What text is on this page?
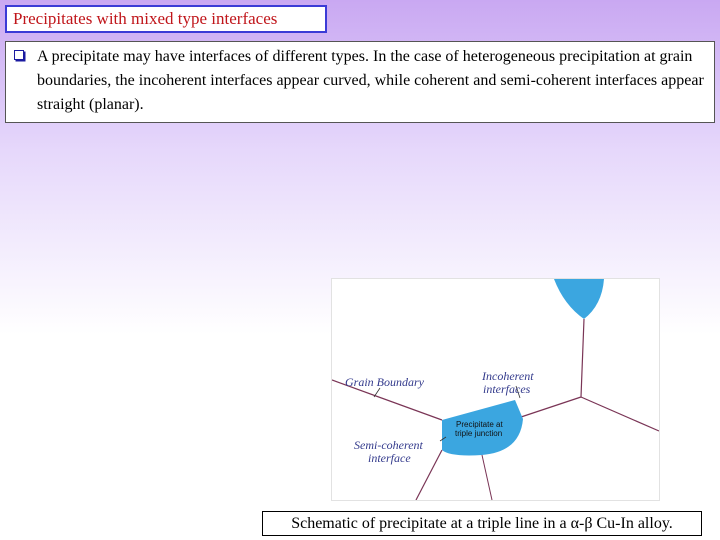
Precipitates with mixed type interfaces
A precipitate may have interfaces of different types. In the case of heterogeneous precipitation at grain boundaries, the incoherent interfaces appear curved, while coherent and semi-coherent interfaces appear straight (planar).
Grain Boundary	Incoherent
interfaces
Semi-coherent
interface
Precipitate at
triple junction
Schematic of precipitate at a triple line in a α-β Cu-In alloy.
